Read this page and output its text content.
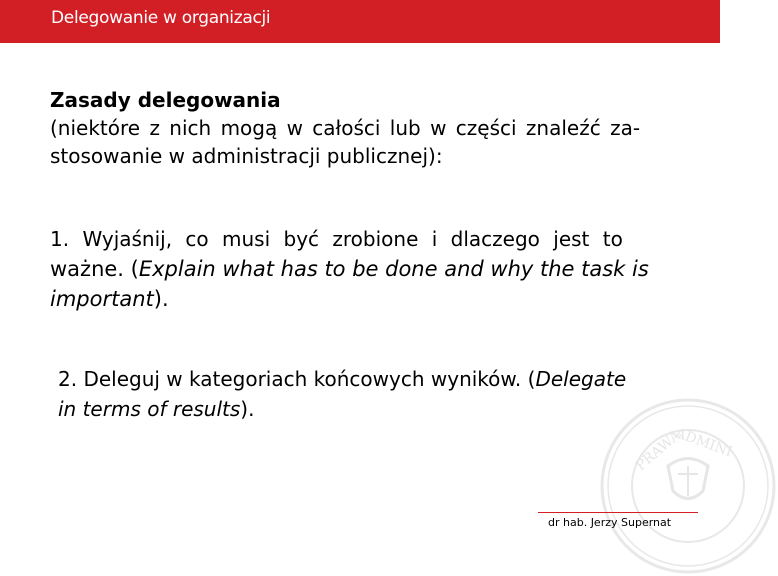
Delegowanie w organizacji
Zasady delegowania
(niektóre z nich mogą w całości lub w części znaleźć za-
stosowanie w administracji publicznej):
1. Wyjaśnij, co musi być zrobione i dlaczego jest to
ważne. (Explain what has to be done and why the task is
important).
2. Deleguj w kategoriach końcowych wyników. (Delegate
in terms of results).
PRAWA
ADMINI
dr hab. Jerzy Supernat
